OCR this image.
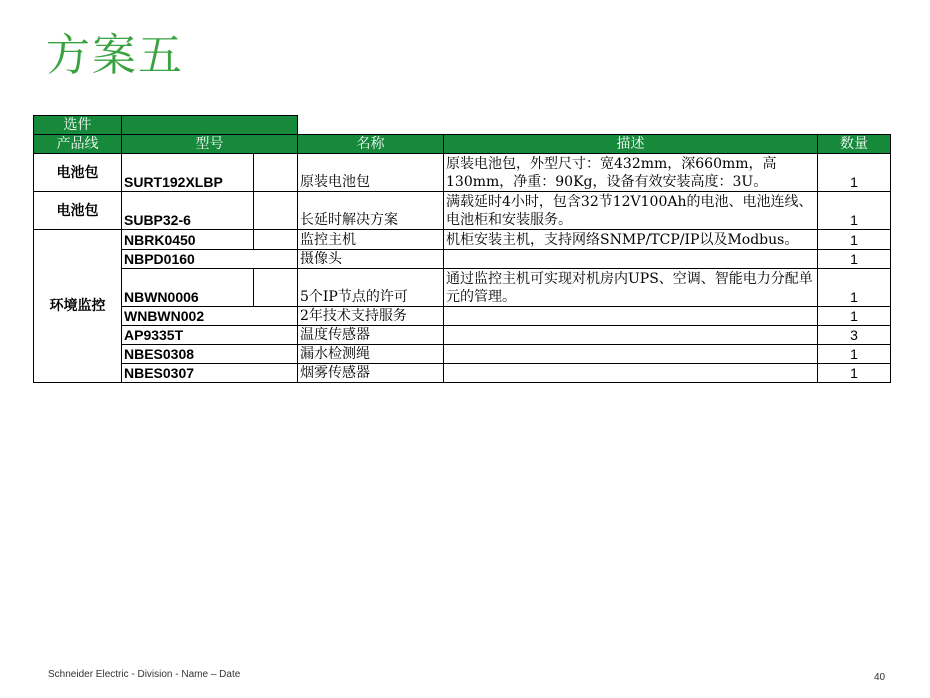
方案五
选件					
产品线	型号		名称	描述	数量
电池包	SURT192XLBP		原装电池包	原装电池包，外型尺寸：宽432mm，深660mm，高130mm，净重：90Kg，设备有效安装高度：3U。	1
电池包	SUBP32-6		长延时解决方案	满载延时4小时，包含32节12V100Ah的电池、电池连线、电池柜和安装服务。	1
环境监控	NBRK0450		监控主机	机柜安装主机，支持网络SNMP/TCP/IP以及Modbus。	1
	NBPD0160		摄像头		1
	NBWN0006		5个IP节点的许可	通过监控主机可实现对机房内UPS、空调、智能电力分配单元的管理。	1
	WNBWN002		2年技术支持服务		1
	AP9335T		温度传感器		3
	NBES0308		漏水检测绳		1
	NBES0307		烟雾传感器		1
Schneider Electric - Division - Name – Date	40
